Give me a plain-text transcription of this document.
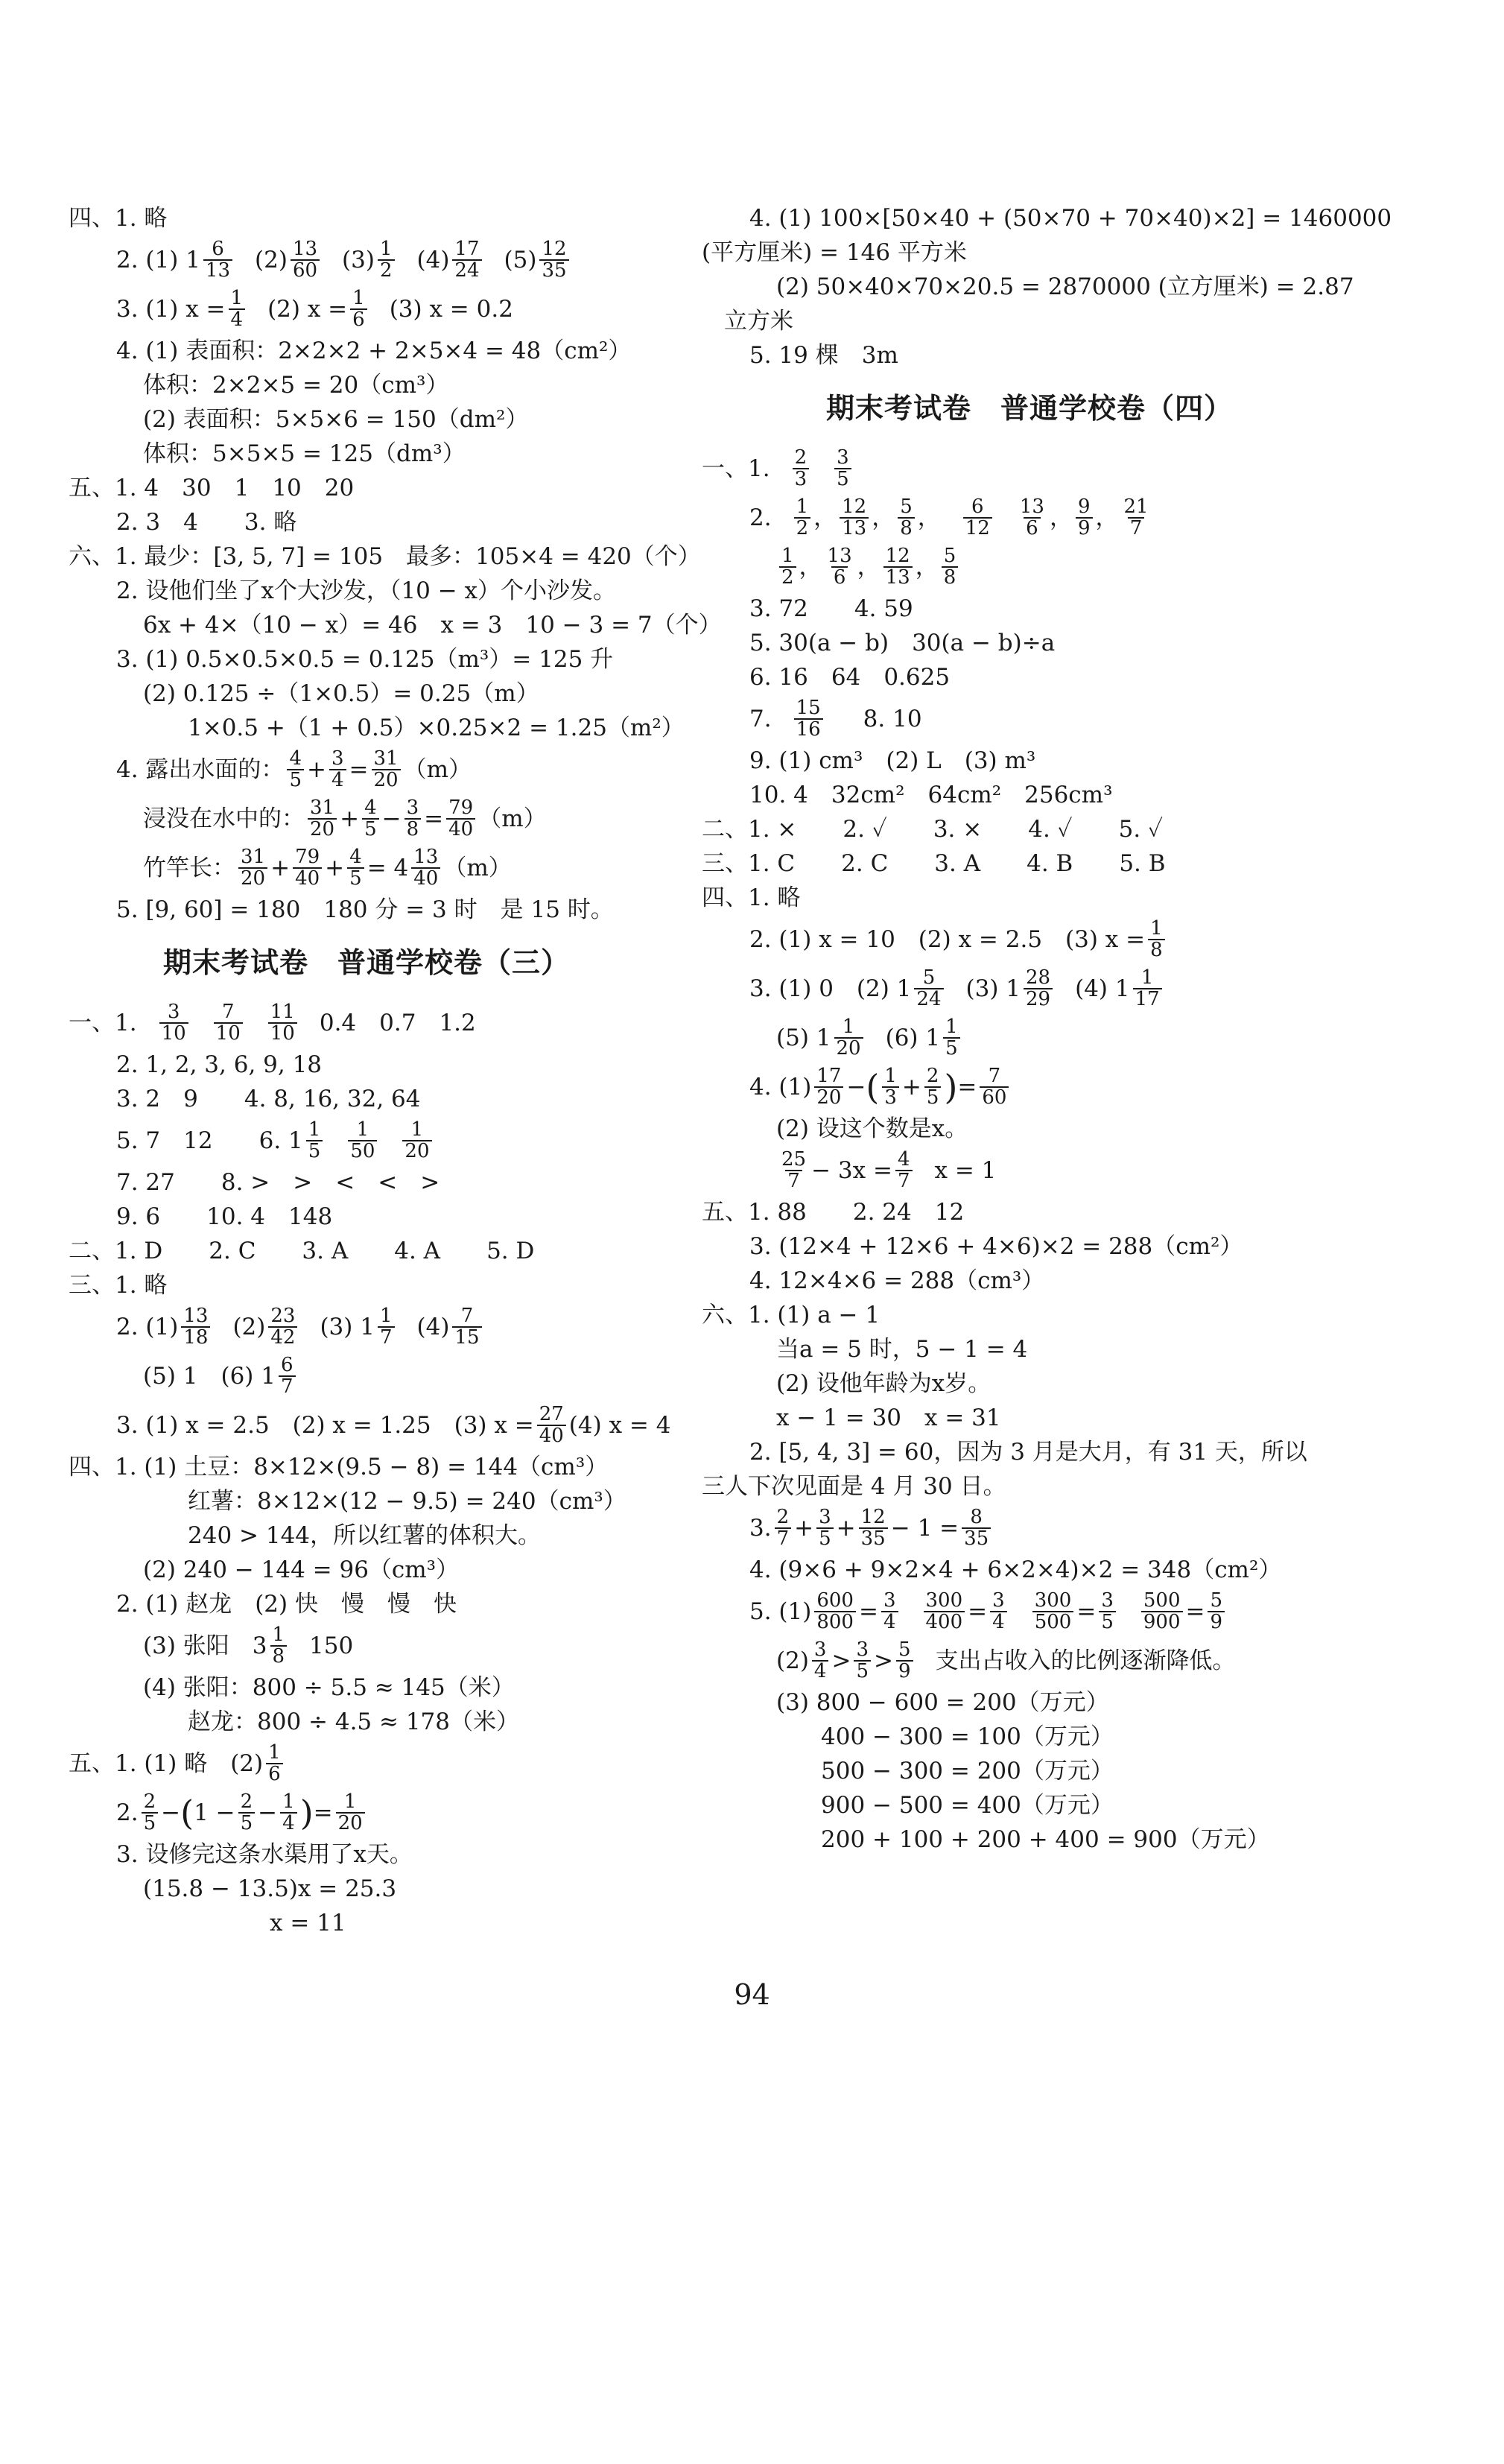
四、1. 略
2. (1) 1 6
13 (2) 13
60 (3) 1
2 (4) 17
24 (5) 12
35
3. (1) $x = \frac{1}{4} (2) x = \frac{1}{6} (3) x = 0.2$
4. (1) 表面积：2×2×2 + 2×5×4 = 48（cm²）
体积：2×2×5 = 20（cm³）
(2) 表面积：5×5×6 = 150（dm²）
体积：5×5×5 = 125（dm³）
五、1. 4　30　1　10　20
2. 3　4　　3. 略
六、1. 最少：[3, 5, 7] = 105　最多：105×4 = 420（个）
2. 设他们坐了x个大沙发，（10 − x）个小沙发。
6x + 4×（10 − x）= 46　x = 3　10 − 3 = 7（个）
3. (1) 0.5×0.5×0.5 = 0.125（m³）= 125 升
(2) 0.125 ÷（1×0.5）= 0.25（m）
1×0.5 +（1 + 0.5）×0.25×2 = 1.25（m²）
4. 露出水面的： 4
$5 + \frac{3}{4} = \frac{31}{20} (m)$
浸没在水中的： 31
$20 + \frac{4}{5} - \frac{3}{8} = \frac{79}{40} (m)$
竹竿长： 31
$20 + \frac{79}{40} + \frac{4}{5} = 4$ 13
40 （m）
5. [9, 60] = 180　180 分 = 3 时　是 15 时。
期末考试卷　普通学校卷（三）
一、1. 3
10
7
10
11
10 0.4　0.7　1.2
2. 1, 2, 3, 6, 9, 18
3. 2　9　　4. 8, 16, 32, 64
5. 7　12　　6. 1 1
5
1
50
1
20
7. 27　　8. >　>　<　<　>
9. 6　　10. 4　148
二、1. D　　2. C　　3. A　　4. A　　5. D
三、1. 略
2. (1) 13
18 (2) 23
42 (3) 1 1
7 (4) 7
15
(5) 1　(6) 1 6
7
3. (1) x = 2.5　(2) x = 1.25　(3) $x = \frac{27}{40} (4) x = 4$
四、1. (1) 土豆：8×12×(9.5 − 8) = 144（cm³）
红薯：8×12×(12 − 9.5) = 240（cm³）
240 > 144，所以红薯的体积大。
(2) 240 − 144 = 96（cm³）
2. (1) 赵龙　(2) 快　慢　慢　快
(3) 张阳　3 1
8 150
(4) 张阳：800 ÷ 5.5 ≈ 145（米）
赵龙：800 ÷ 4.5 ≈ 178（米）
五、1. (1) 略　(2) 1
6
2. 2
5 − ( $1 - \frac{2}{5} - \frac{1}{4}$ ) = $\frac{1}{20}$
3. 设修完这条水渠用了x天。
(15.8 − 13.5)x = 25.3
x = 11
4. (1) 100×[50×40 + (50×70 + 70×40)×2] = 1460000
(平方厘米) = 146 平方米
(2) 50×40×70×20.5 = 2870000 (立方厘米) = 2.87
立方米
5. 19 棵　3m
期末考试卷　普通学校卷（四）
一、1. 2
3
3
5
2. 1
2 ， 12
13 ， 5
8 ， 6
12
13
6 ， 9
9 ， 21
7
1
2 ， 13
6 ， 12
13 ， 5
8
3. 72　　4. 59
5. 30(a − b)　30(a − b)÷a
6. 16　64　0.625
7. 15
16 8. 10
9. (1) cm³　(2) L　(3) m³
10. 4　32cm²　64cm²　256cm³
二、1. ×　　2. ✓　　3. ×　　4. ✓　　5. ✓
三、1. C　　2. C　　3. A　　4. B　　5. B
四、1. 略
2. (1) x = 10　(2) x = 2.5　(3) $x = \frac{1}{8}$
3. (1) 0　(2) 1 5
24 (3) 1 28
29 (4) 1 1
17
(5) 1 1
20 (6) 1 1
5
4. (1) 17
20 − ( 1
$3 + \frac{2}{5}$ ) = $\frac{7}{60}$
(2) 设这个数是x。
25
$7 - 3x = \frac{4}{7}$ x = 1
五、1. 88　　2. 24　12
3. (12×4 + 12×6 + 4×6)×2 = 288（cm²）
4. 12×4×6 = 288（cm³）
六、1. (1) a − 1
当a = 5 时，5 − 1 = 4
(2) 设他年龄为x岁。
x − 1 = 30　x = 31
2. [5, 4, 3] = 60，因为 3 月是大月，有 31 天，所以
三人下次见面是 4 月 30 日。
3. 2
$7 + \frac{3}{5} + \frac{12}{35} - 1 = \frac{8}{35}$
4. (9×6 + 9×2×4 + 6×2×4)×2 = 348（cm²）
5. $(1) \frac{600}{800} = \frac{3}{4} \frac{300}{400} = \frac{3}{4} \frac{300}{500} = \frac{3}{5} \frac{500}{900} = \frac{5}{9}$
(2) 3
4 > 3
5 > 5
9 支出占收入的比例逐渐降低。
(3) 800 − 600 = 200（万元）
400 − 300 = 100（万元）
500 − 300 = 200（万元）
900 − 500 = 400（万元）
200 + 100 + 200 + 400 = 900（万元）
94
